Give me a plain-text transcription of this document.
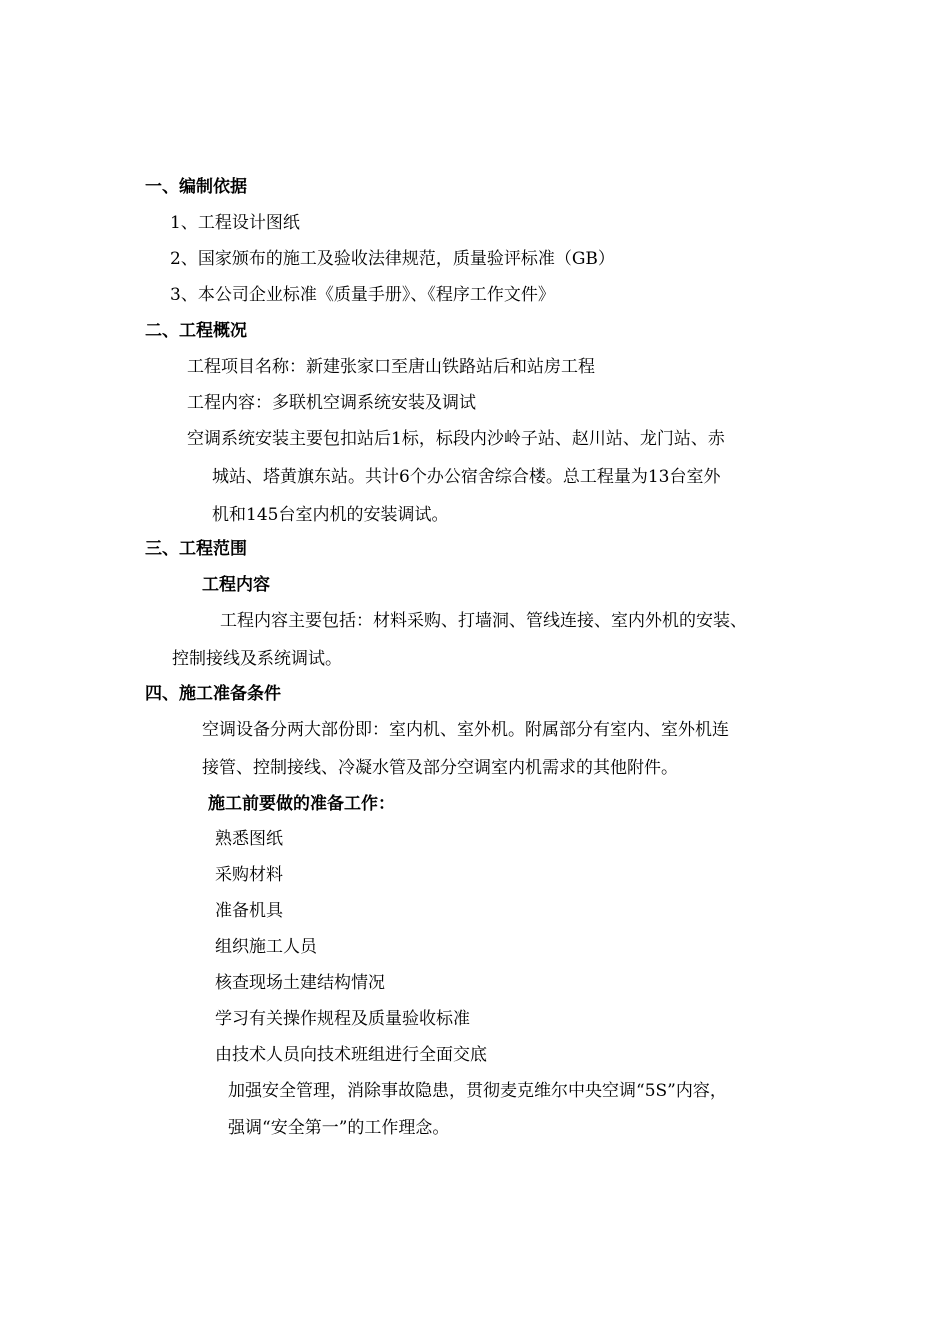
一、编制依据
1、工程设计图纸
2、国家颁布的施工及验收法律规范，质量验评标准（GB）
3、本公司企业标准《质量手册》、《程序工作文件》
二、工程概况
工程项目名称：新建张家口至唐山铁路站后和站房工程
工程内容：多联机空调系统安装及调试
空调系统安装主要包扣站后1标，标段内沙岭子站、赵川站、龙门站、赤
城站、塔黄旗东站。共计6个办公宿舍综合楼。总工程量为13台室外
机和145台室内机的安装调试。
三、工程范围
工程内容
工程内容主要包括：材料采购、打墙洞、管线连接、室内外机的安装、
控制接线及系统调试。
四、施工准备条件
空调设备分两大部份即：室内机、室外机。附属部分有室内、室外机连
接管、控制接线、冷凝水管及部分空调室内机需求的其他附件。
施工前要做的准备工作：
熟悉图纸
采购材料
准备机具
组织施工人员
核查现场土建结构情况
学习有关操作规程及质量验收标准
由技术人员向技术班组进行全面交底
加强安全管理，消除事故隐患，贯彻麦克维尔中央空调“5S”内容，
强调“安全第一”的工作理念。
